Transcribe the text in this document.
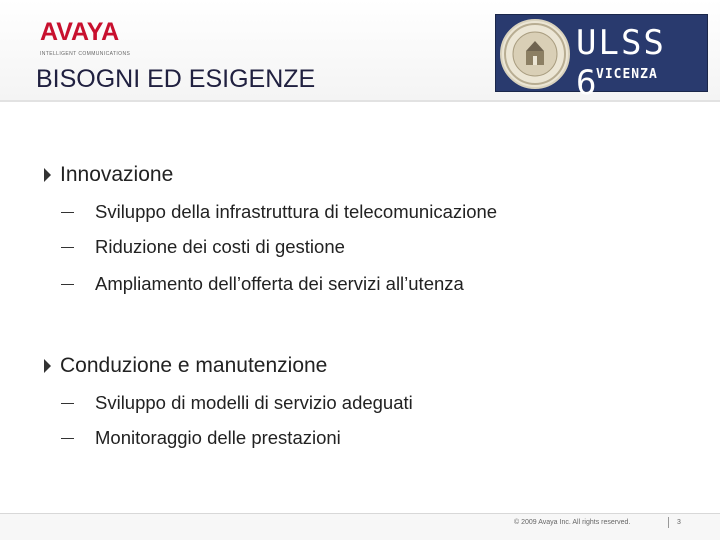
AVAYA
INTELLIGENT COMMUNICATIONS
BISOGNI ED ESIGENZE
ULSS 6
VICENZA
Innovazione
Sviluppo della infrastruttura di telecomunicazione
Riduzione dei costi di gestione
Ampliamento dell’offerta dei servizi all’utenza
Conduzione e manutenzione
Sviluppo di modelli di servizio adeguati
Monitoraggio delle prestazioni
© 2009 Avaya Inc. All rights reserved.	3
